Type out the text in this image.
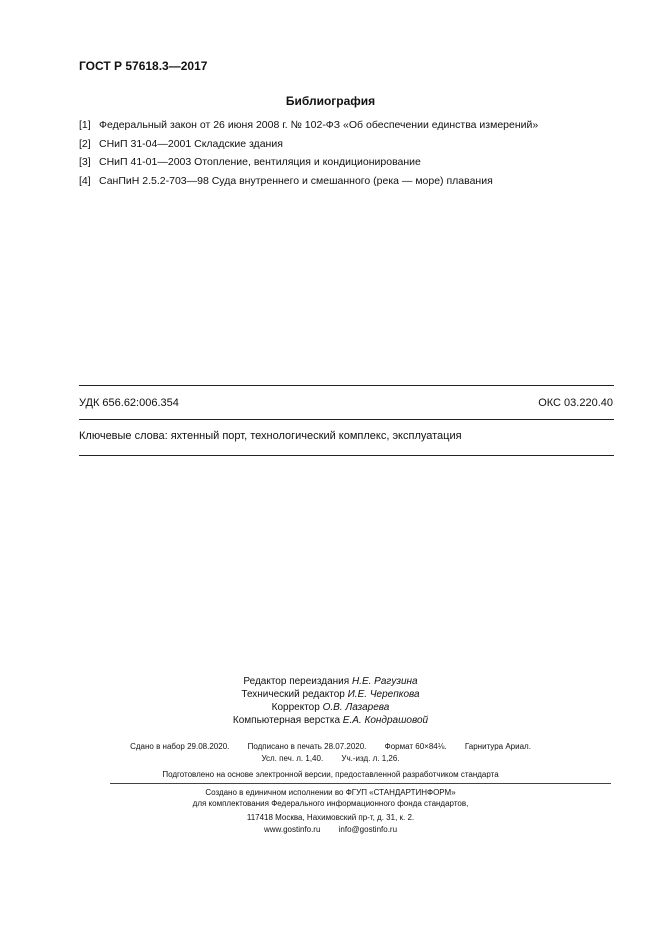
ГОСТ Р 57618.3—2017
Библиография
[1] Федеральный закон от 26 июня 2008 г. № 102-ФЗ «Об обеспечении единства измерений»
[2] СНиП 31-04—2001 Складские здания
[3] СНиП 41-01—2003 Отопление, вентиляция и кондиционирование
[4] СанПиН 2.5.2-703—98 Суда внутреннего и смешанного (река — море) плавания
УДК 656.62:006.354	ОКС 03.220.40
Ключевые слова: яхтенный порт, технологический комплекс, эксплуатация
Редактор переиздания Н.Е. Рагузина
Технический редактор И.Е. Черепкова
Корректор О.В. Лазарева
Компьютерная верстка Е.А. Кондрашовой
Сдано в набор 29.08.2020. Подписано в печать 28.07.2020. Формат 60×84⅛. Гарнитура Ариал.
Усл. печ. л. 1,40. Уч.-изд. л. 1,26.
Подготовлено на основе электронной версии, предоставленной разработчиком стандарта
Создано в единичном исполнении во ФГУП «СТАНДАРТИНФОРМ»
для комплектования Федерального информационного фонда стандартов,
117418 Москва, Нахимовский пр-т, д. 31, к. 2.
www.gostinfo.ru info@gostinfo.ru
